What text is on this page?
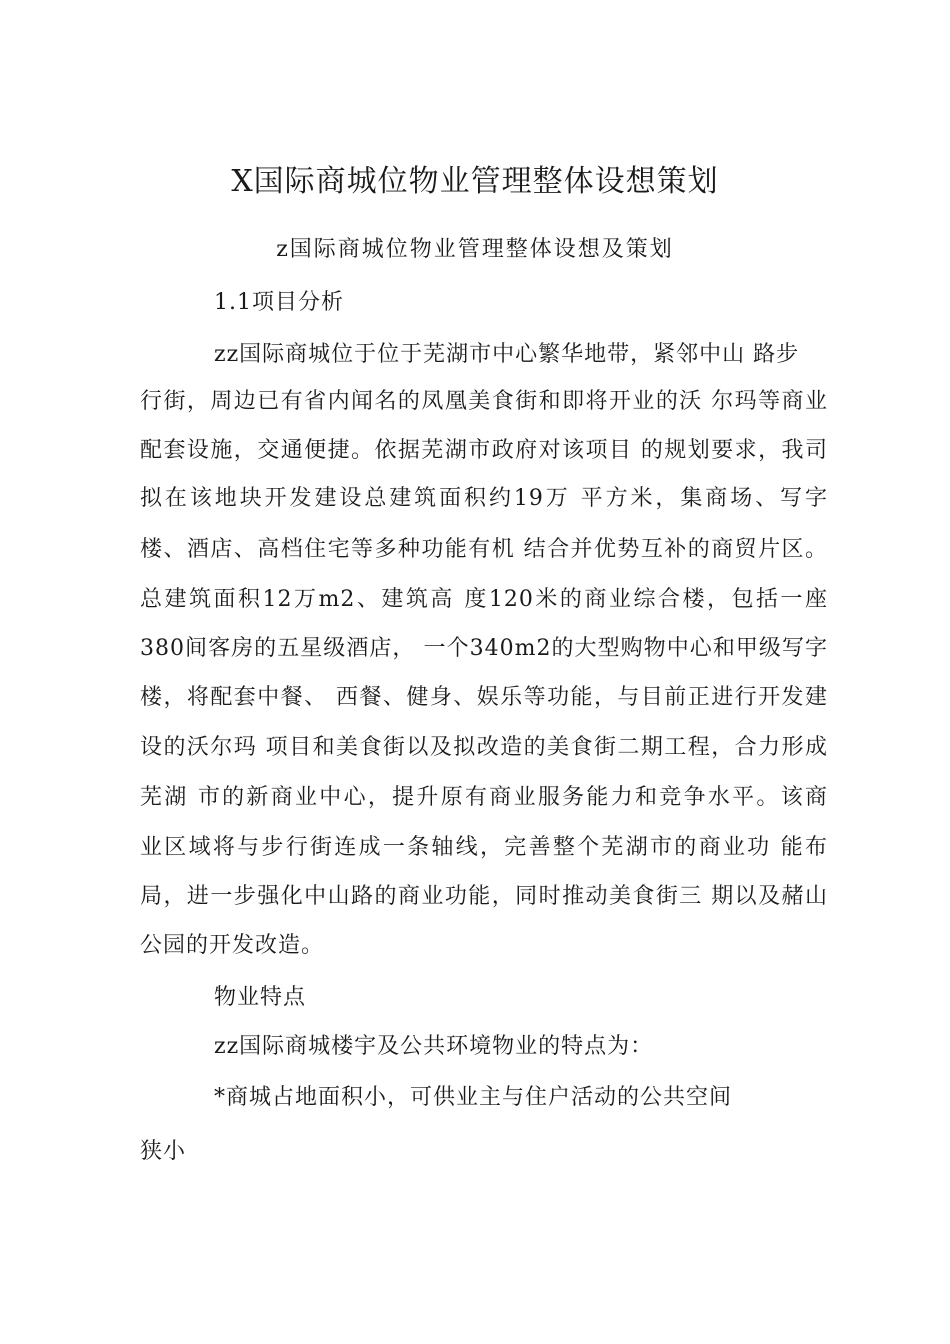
X国际商城位物业管理整体设想策划
z国际商城位物业管理整体设想及策划
1.1项目分析
zz国际商城位于位于芜湖市中心繁华地带，紧邻中山 路步
行街，周边已有省内闻名的凤凰美食街和即将开业的沃 尔玛等商业
配套设施，交通便捷。依据芜湖市政府对该项目 的规划要求，我司
拟在该地块开发建设总建筑面积约19万 平方米，集商场、写字
楼、酒店、高档住宅等多种功能有机 结合并优势互补的商贸片区。
总建筑面积12万m2、建筑高 度120米的商业综合楼，包括一座
380间客房的五星级酒店， 一个340m2的大型购物中心和甲级写字
楼，将配套中餐、 西餐、健身、娱乐等功能，与目前正进行开发建
设的沃尔玛 项目和美食街以及拟改造的美食街二期工程，合力形成
芜湖 市的新商业中心，提升原有商业服务能力和竞争水平。该商
业区域将与步行街连成一条轴线，完善整个芜湖市的商业功 能布
局，进一步强化中山路的商业功能，同时推动美食街三 期以及赭山
公园的开发改造。
物业特点
zz国际商城楼宇及公共环境物业的特点为：
*商城占地面积小，可供业主与住户活动的公共空间
狭小
